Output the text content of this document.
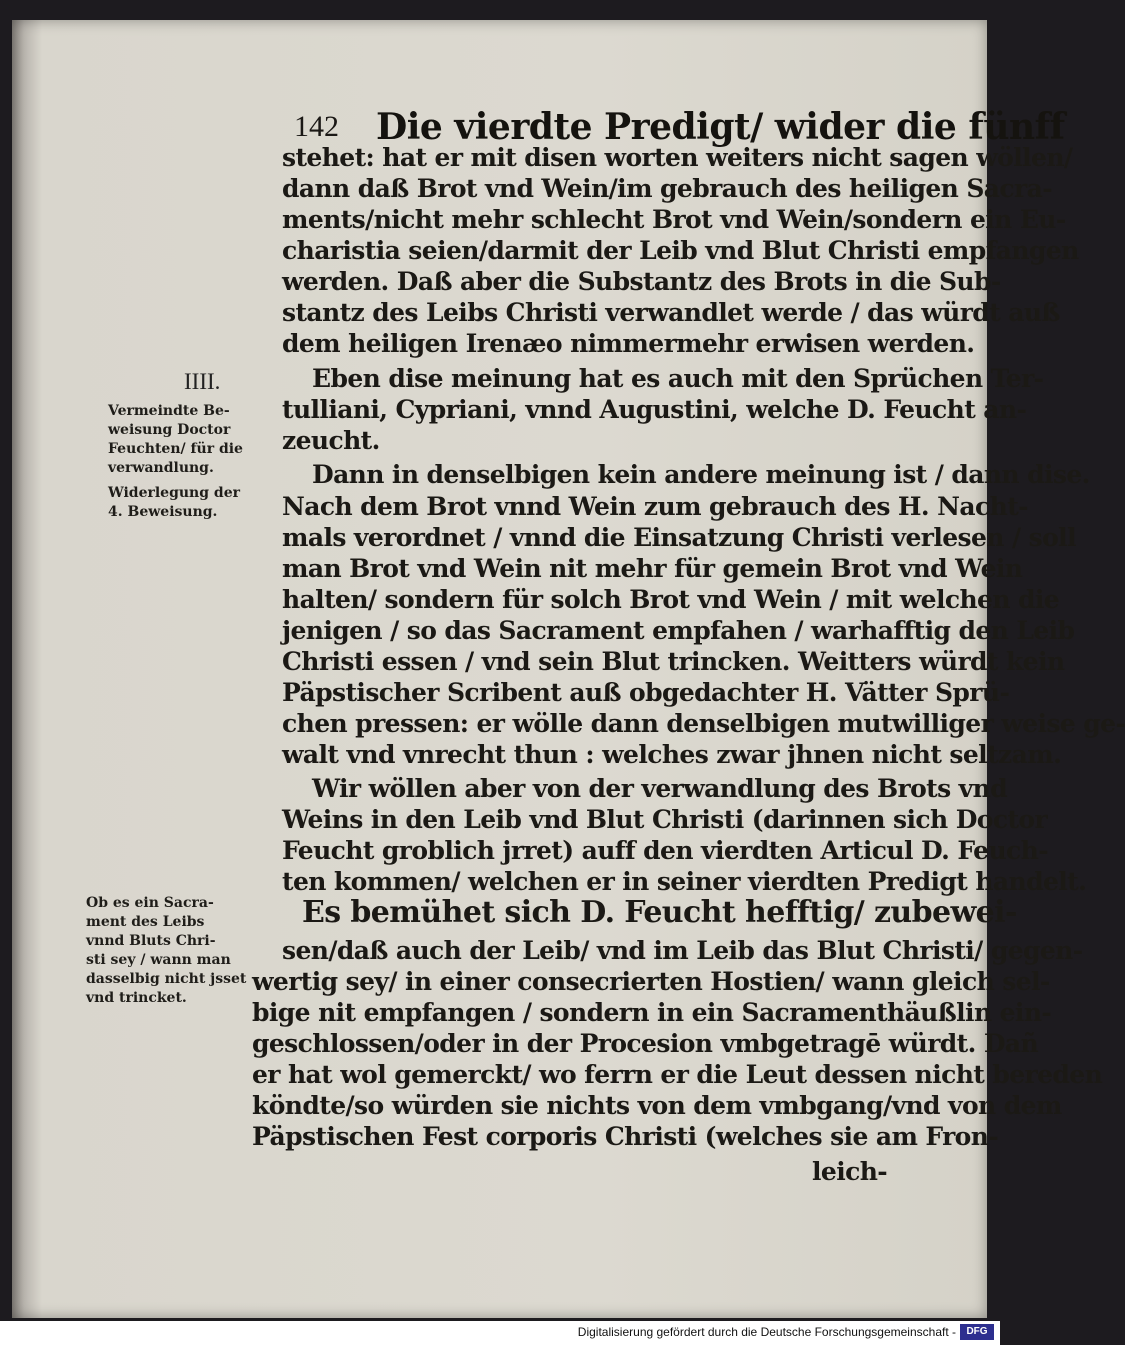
142 Die vierdte Predigt/ wider die fünff
stehet: hat er mit disen worten weiters nicht sagen wöllen/
dann daß Brot vnd Wein/im gebrauch des heiligen Sacra-
ments/nicht mehr schlecht Brot vnd Wein/sondern ein Eu-
charistia seien/darmit der Leib vnd Blut Christi empfangen
werden. Daß aber die Substantz des Brots in die Sub-
stantz des Leibs Christi verwandlet werde / das würdt auß
dem heiligen Irenæo nimmermehr erwisen werden.
Eben dise meinung hat es auch mit den Sprüchen Ter-
tulliani, Cypriani, vnnd Augustini, welche D. Feucht an-
zeucht.
Dann in denselbigen kein andere meinung ist / dann dise.
Nach dem Brot vnnd Wein zum gebrauch des H. Nacht-
mals verordnet / vnnd die Einsatzung Christi verlesen / soll
man Brot vnd Wein nit mehr für gemein Brot vnd Wein
halten/ sondern für solch Brot vnd Wein / mit welchen die
jenigen / so das Sacrament empfahen / warhafftig den Leib
Christi essen / vnd sein Blut trincken. Weitters würdt kein
Päpstischer Scribent auß obgedachter H. Vätter Sprü-
chen pressen: er wölle dann denselbigen mutwilliger weise ge-
walt vnd vnrecht thun : welches zwar jhnen nicht seltzam.
Wir wöllen aber von der verwandlung des Brots vnd
Weins in den Leib vnd Blut Christi (darinnen sich Doctor
Feucht groblich jrret) auff den vierdten Articul D. Feuch-
ten kommen/ welchen er in seiner vierdten Predigt handelt.
Es bemühet sich D. Feucht hefftig/ zubewei-
sen/daß auch der Leib/ vnd im Leib das Blut Christi/ gegen-
wertig sey/ in einer consecrierten Hostien/ wann gleich sel-
bige nit empfangen / sondern in ein Sacramenthäußlin ein-
geschlossen/oder in der Procesion vmbgetragē würdt. Dañ
er hat wol gemerckt/ wo ferrn er die Leut dessen nicht bereden
köndte/so würden sie nichts von dem vmbgang/vnd von dem
Päpstischen Fest corporis Christi (welches sie am Fron-
leich-
IIII.
Vermeindte Be-
weisung Doctor
Feuchten/ für die
verwandlung.
Widerlegung der
4. Beweisung.
Ob es ein Sacra-
ment des Leibs
vnnd Bluts Chri-
sti sey / wann man
dasselbig nicht jsset
vnd trincket.
Digitalisierung gefördert durch die Deutsche Forschungsgemeinschaft -	DFG
